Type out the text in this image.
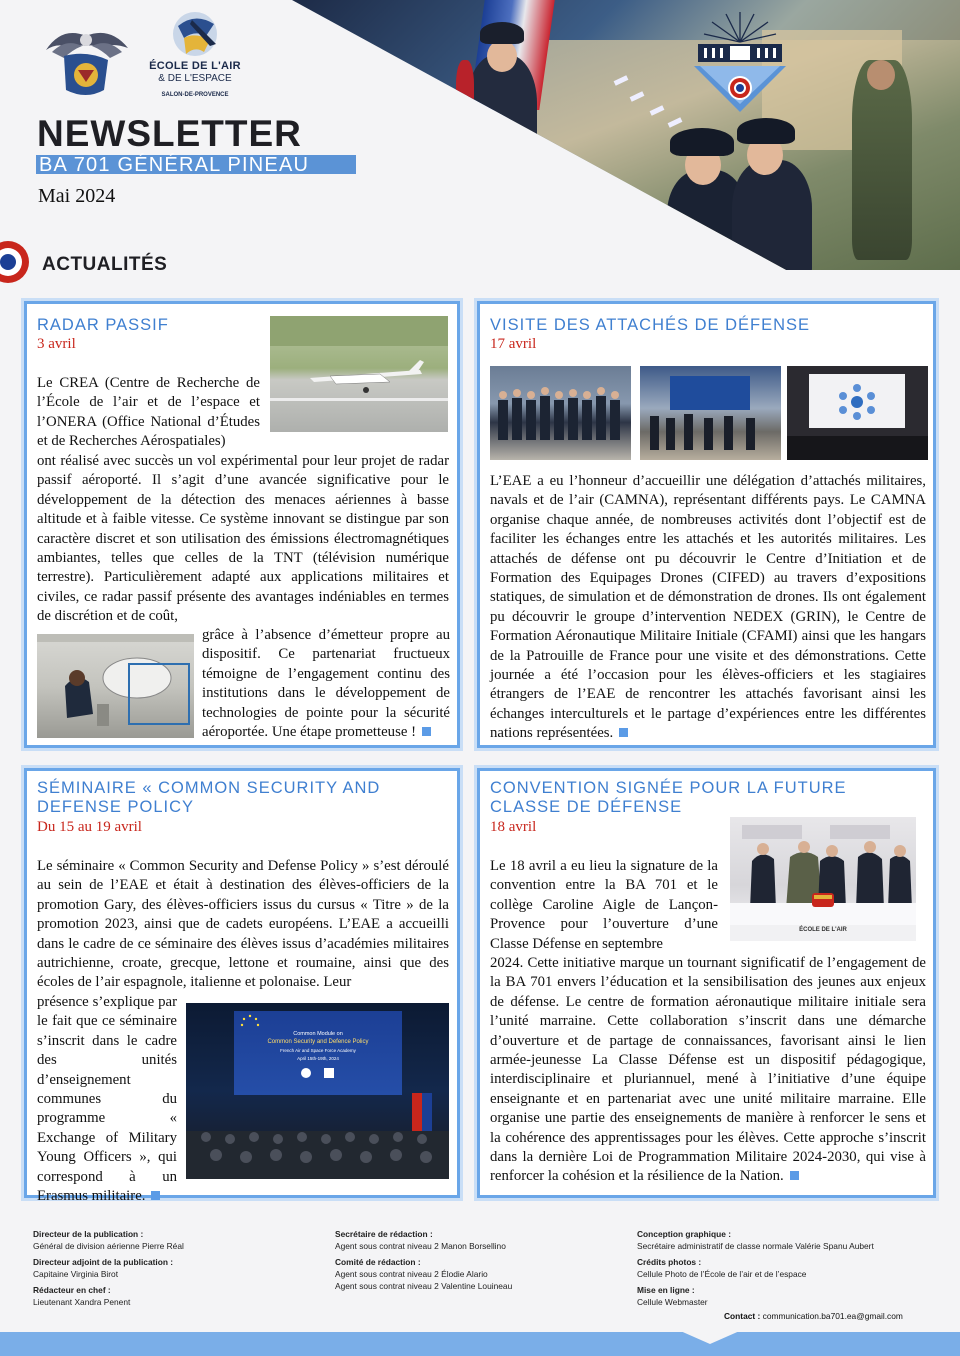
ÉCOLE DE L'AIR
& DE L'ESPACE
SALON-DE-PROVENCE
NEWSLETTER
BA 701 GÉNÉRAL PINEAU
Mai 2024
ACTUALITÉS
RADAR PASSIF
3 avril
Le CREA (Centre de Recherche de l’École de l’air et de l’espace et l’ONERA (Office National d’Études et de Recherches Aérospatiales)
ont réalisé avec succès un vol expérimental pour leur projet de radar passif aéroporté. Il s’agit d’une avancée significative pour le développement de la détection des menaces aériennes à basse altitude et à faible vitesse. Ce système innovant se distingue par son caractère discret et son utilisation des émissions électromagnétiques ambiantes, telles que celles de la TNT (télévision numérique terrestre). Particulièrement adapté aux applications militaires et civiles, ce radar passif présente des avantages indéniables en termes de discrétion et de coût,
grâce à l’absence d’émetteur propre au dispositif. Ce partenariat fructueux témoigne de l’engagement continu des institutions dans le développement de technologies de pointe pour la sécurité aéroportée. Une étape prometteuse !
VISITE DES ATTACHÉS DE DÉFENSE
17 avril
L’EAE a eu l’honneur d’accueillir une délégation d’attachés militaires, navals et de l’air (CAMNA), représentant différents pays. Le CAMNA organise chaque année, de nombreuses activités dont l’objectif est de faciliter les échanges entre les attachés et les autorités militaires. Les attachés de défense ont pu découvrir le Centre d’Initiation et de Formation des Equipages Drones (CIFED) au travers d’expositions statiques, de simulation et de démonstration de drones. Ils ont également pu découvrir le groupe d’intervention NEDEX (GRIN), le Centre de Formation Aéronautique Militaire Initiale (CFAMI) ainsi que les hangars de la Patrouille de France pour une visite et des démonstrations. Cette journée a été l’occasion pour les élèves-officiers et les stagiaires étrangers de l’EAE de rencontrer les attachés favorisant ainsi les échanges interculturels et le partage d’expériences entre les différentes nations représentées.
SÉMINAIRE « COMMON SECURITY AND
DEFENSE POLICY
Du 15 au 19 avril
Le séminaire « Common Security and Defense Policy » s’est déroulé au sein de l’EAE et était à destination des élèves-officiers de la promotion Gary, des élèves-officiers issus du cursus « Titre » de la promotion 2023, ainsi que de cadets européens. L’EAE a accueilli dans le cadre de ce séminaire des élèves issus d’académies militaires autrichienne, croate, grecque, lettone et roumaine, ainsi que des écoles de l’air espagnole, italienne et polonaise. Leur
Common Module on
Common Security and Defence Policy
French Air and Space Force Academy
April 15th-19th, 2024
présence s’explique par le fait que ce séminaire s’inscrit dans le cadre des unités d’enseignement communes du programme « Exchange of Military Young Officers », qui correspond à un Erasmus militaire.
CONVENTION SIGNÉE POUR LA FUTURE
CLASSE DE DÉFENSE
18 avril
ÉCOLE DE L'AIR
Le 18 avril a eu lieu la signature de la convention entre la BA 701 et le collège Caroline Aigle de Lançon-Provence pour l’ouverture d’une Classe Défense en septembre
2024. Cette initiative marque un tournant significatif de l’engagement de la BA 701 envers l’éducation et la sensibilisation des jeunes aux enjeux de défense. Le centre de formation aéronautique militaire initiale sera l’unité marraine. Cette collaboration s’inscrit dans une démarche d’ouverture et de partage de connaissances, favorisant ainsi le lien armée-jeunesse La Classe Défense est un dispositif pédagogique, interdisciplinaire et pluriannuel, mené à l’initiative d’une équipe enseignante et en partenariat avec une unité militaire marraine. Elle organise une partie des enseignements de manière à renforcer le sens et la cohérence des apprentissages pour les élèves. Cette approche s’inscrit dans la dernière Loi de Programmation Militaire 2024-2030, qui vise à renforcer la cohésion et la résilience de la Nation.
Directeur de la publication :
Général de division aérienne Pierre Réal
Directeur adjoint de la publication :
Capitaine Virginia Birot
Rédacteur en chef :
Lieutenant Xandra Penent
Secrétaire de rédaction :
Agent sous contrat niveau 2 Manon Borsellino
Comité de rédaction :
Agent sous contrat niveau 2 Élodie Alario
Agent sous contrat niveau 2 Valentine Louineau
Conception graphique :
Secrétaire administratif de classe normale Valérie Spanu Aubert
Crédits photos :
Cellule Photo de l’École de l’air et de l’espace
Mise en ligne :
Cellule Webmaster
Contact : communication.ba701.ea@gmail.com
